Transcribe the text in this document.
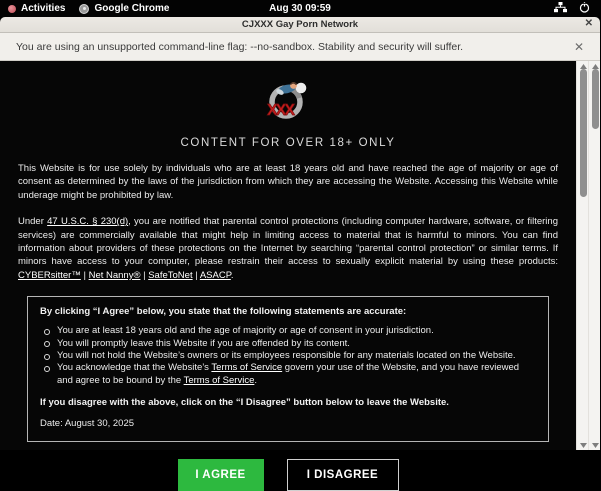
Activities	Google Chrome	Aug 30 09:59
CJXXX Gay Porn Network	✕
You are using an unsupported command-line flag: --no-sandbox. Stability and security will suffer.	✕
XXX
CONTENT FOR OVER 18+ ONLY

This Website is for use solely by individuals who are at least 18 years old and have reached the age of majority or age of consent as determined by the laws of the jurisdiction from which they are accessing the Website. Accessing this Website while underage might be prohibited by law.

Under 47 U.S.C. § 230(d), you are notified that parental control protections (including computer hardware, software, or filtering services) are commercially available that might help in limiting access to material that is harmful to minors. You can find information about providers of these protections on the Internet by searching “parental control protection” or similar terms. If minors have access to your computer, please restrain their access to sexually explicit material by using these products: CYBERsitter™ | Net Nanny® | SafeToNet | ASACP.

By clicking “I Agree” below, you state that the following statements are accurate:
You are at least 18 years old and the age of majority or age of consent in your jurisdiction.
You will promptly leave this Website if you are offended by its content.
You will not hold the Website’s owners or its employees responsible for any materials located on the Website.
You acknowledge that the Website’s Terms of Service govern your use of the Website, and you have reviewed and agree to be bound by the Terms of Service.
If you disagree with the above, click on the “I Disagree” button below to leave the Website.
Date: August 30, 2025
I AGREE	I DISAGREE
